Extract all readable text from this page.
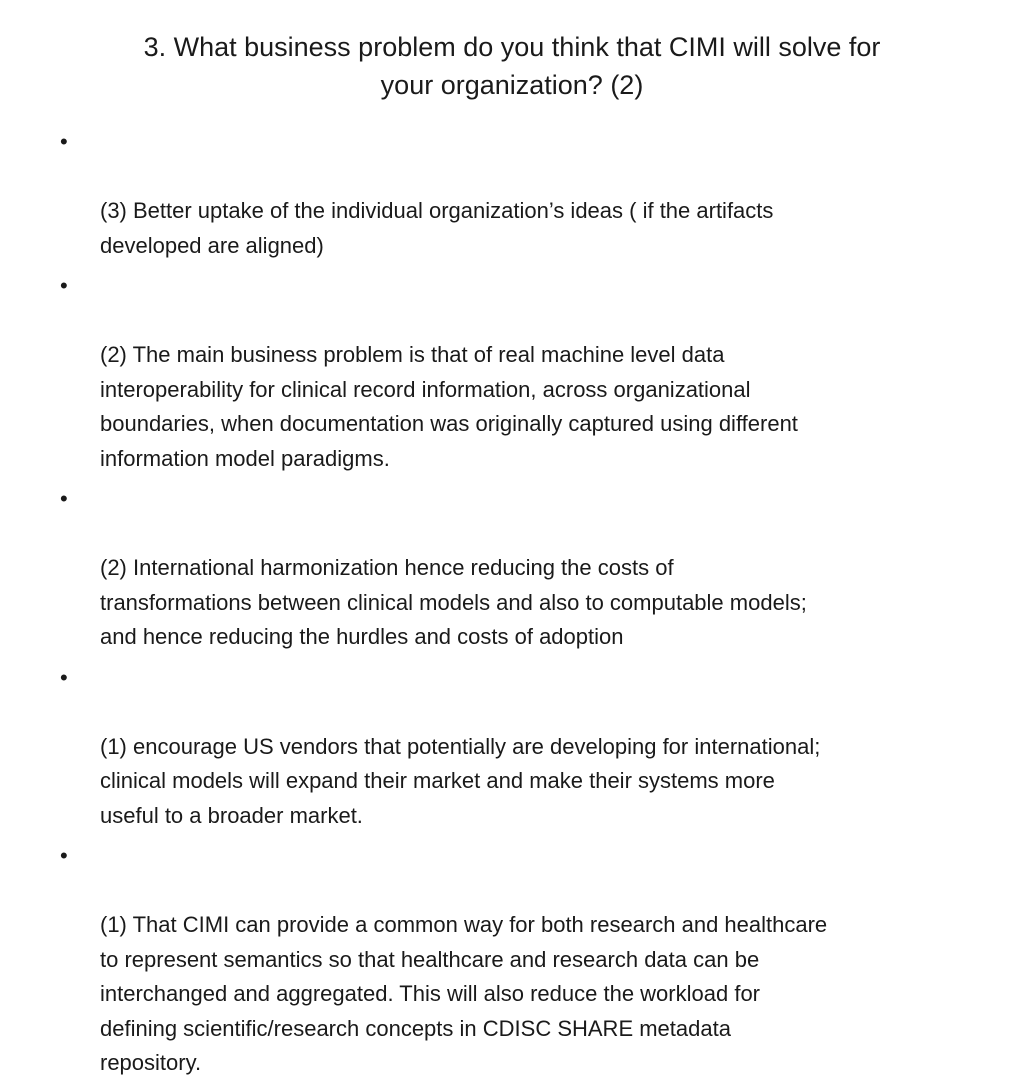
3. What business problem do you think that CIMI will solve for
your organization? (2)

•

(3) Better uptake of the individual organization’s ideas ( if the artifacts
developed are aligned)

•

(2) The main business problem is that of real machine level data
interoperability for clinical record information, across organizational
boundaries, when documentation was originally captured using different
information model paradigms.

•

(2) International harmonization hence reducing the costs of
transformations between clinical models and also to computable models;
and hence reducing the hurdles and costs of adoption

•

(1) encourage US vendors that potentially are developing for international;
clinical models will expand their market and make their systems more
useful to a broader market.

•

(1) That CIMI can provide a common way for both research and healthcare
to represent semantics so that healthcare and research data can be
interchanged and aggregated. This will also reduce the workload for
defining scientific/research concepts in CDISC SHARE metadata
repository.
